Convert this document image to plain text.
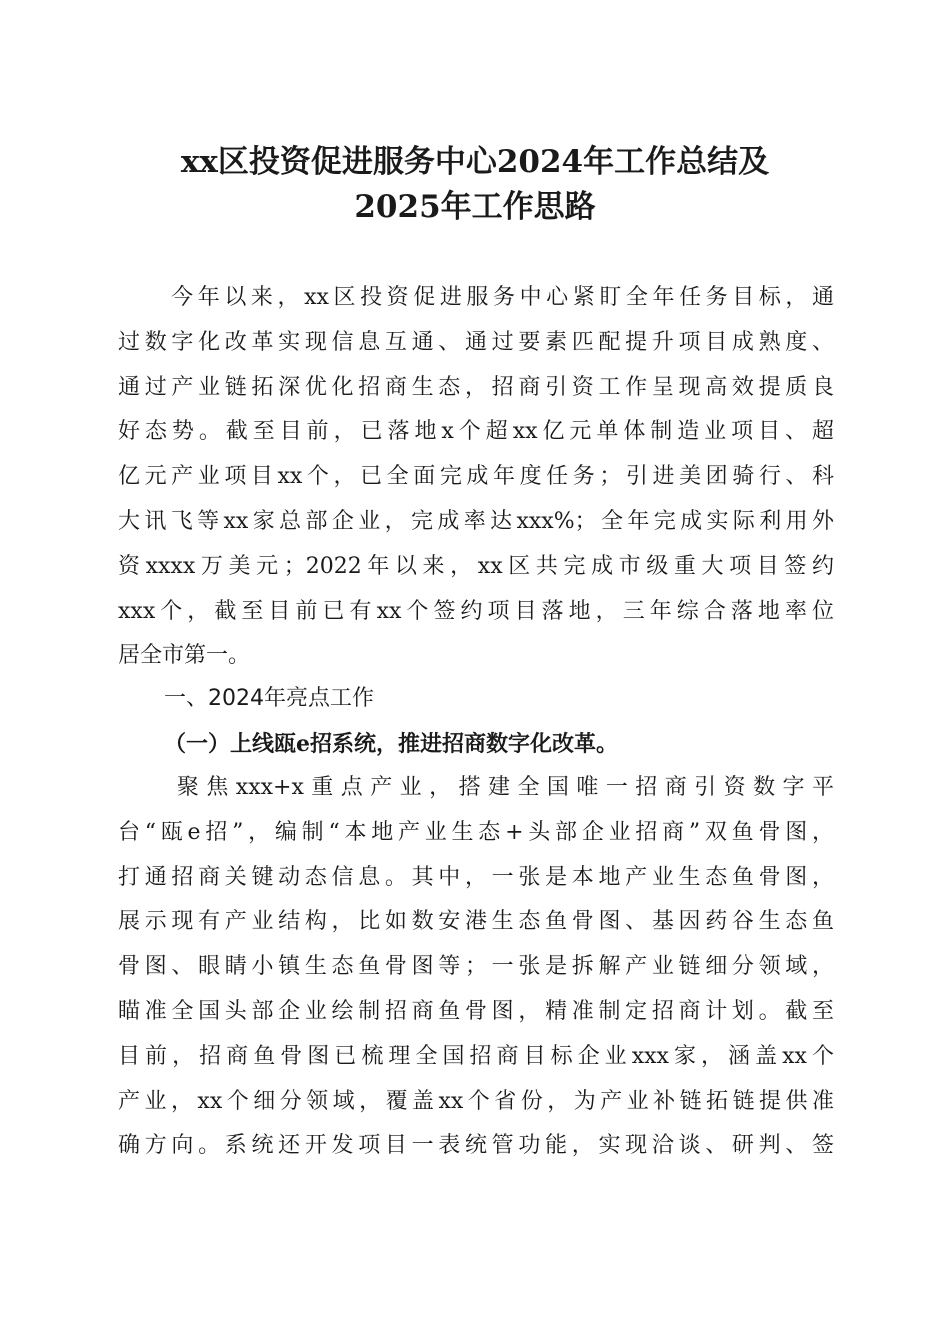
xx区投资促进服务中心2024年工作总结及
2025年工作思路
　　今年以来，xx区投资促进服务中心紧盯全年任务目标，通
过数字化改革实现信息互通、通过要素匹配提升项目成熟度、
通过产业链拓深优化招商生态，招商引资工作呈现高效提质良
好态势。截至目前，已落地x个超xx亿元单体制造业项目、超
亿元产业项目xx个，已全面完成年度任务；引进美团骑行、科
大讯飞等xx家总部企业，完成率达xxx%；全年完成实际利用外
资xxxx万美元；2022年以来，xx区共完成市级重大项目签约
xxx个，截至目前已有xx个签约项目落地，三年综合落地率位
居全市第一。
一、2024年亮点工作
（一）上线瓯e招系统，推进招商数字化改革。
　　聚焦xxx+x重点产业，搭建全国唯一招商引资数字平
台“瓯e招”，编制“本地产业生态+头部企业招商”双鱼骨图，
打通招商关键动态信息。其中，一张是本地产业生态鱼骨图，
展示现有产业结构，比如数安港生态鱼骨图、基因药谷生态鱼
骨图、眼睛小镇生态鱼骨图等；一张是拆解产业链细分领域，
瞄准全国头部企业绘制招商鱼骨图，精准制定招商计划。截至
目前，招商鱼骨图已梳理全国招商目标企业xxx家，涵盖xx个
产业，xx个细分领域，覆盖xx个省份，为产业补链拓链提供准
确方向。系统还开发项目一表统管功能，实现洽谈、研判、签
